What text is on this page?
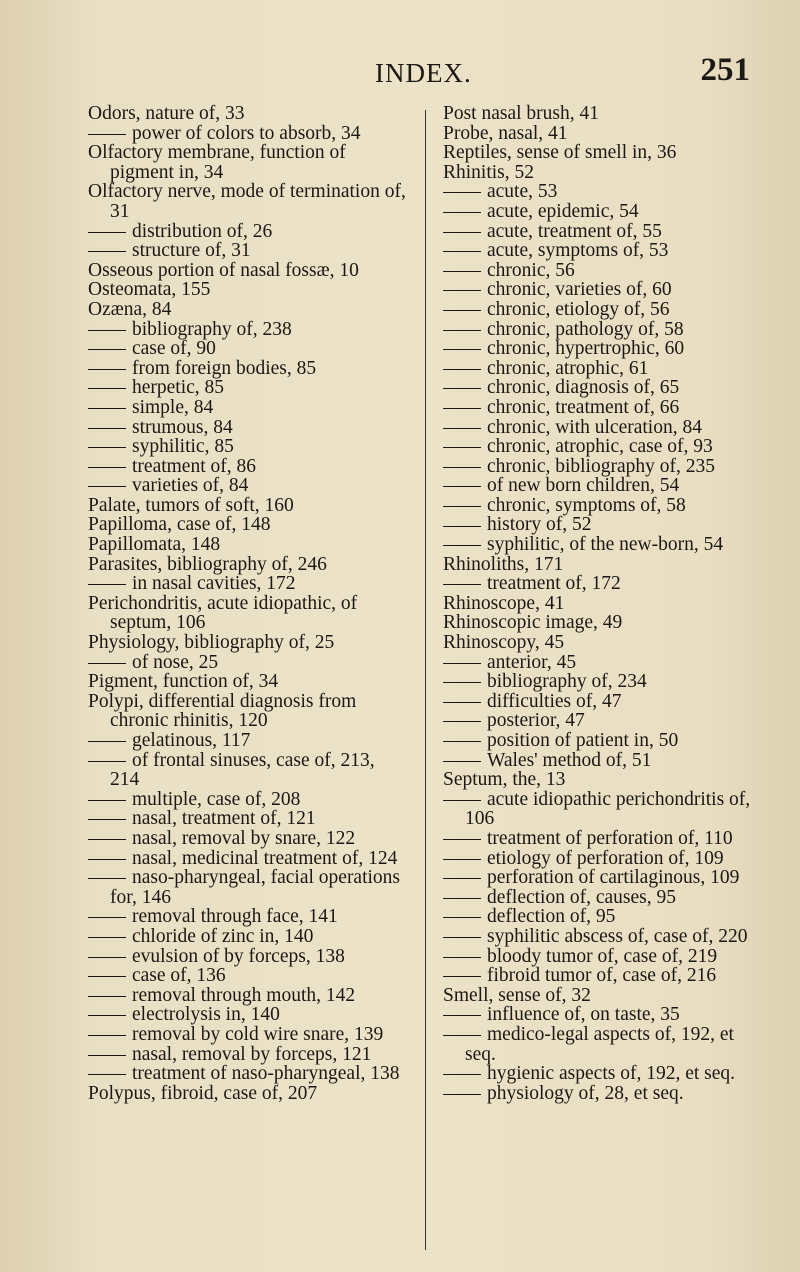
INDEX.	251

Odors, nature of, 33

power of colors to absorb, 34

Olfactory membrane, function of pigment in, 34

Olfactory nerve, mode of termination of, 31

distribution of, 26

structure of, 31

Osseous portion of nasal fossæ, 10

Osteomata, 155

Ozæna, 84

bibliography of, 238

case of, 90

from foreign bodies, 85

herpetic, 85

simple, 84

strumous, 84

syphilitic, 85

treatment of, 86

varieties of, 84

Palate, tumors of soft, 160

Papilloma, case of, 148

Papillomata, 148

Parasites, bibliography of, 246

in nasal cavities, 172

Perichondritis, acute idiopathic, of septum, 106

Physiology, bibliography of, 25

of nose, 25

Pigment, function of, 34

Polypi, differential diagnosis from chronic rhinitis, 120

gelatinous, 117

of frontal sinuses, case of, 213, 214

multiple, case of, 208

nasal, treatment of, 121

nasal, removal by snare, 122

nasal, medicinal treatment of, 124

naso-pharyngeal, facial operations for, 146

removal through face, 141

chloride of zinc in, 140

evulsion of by forceps, 138

case of, 136

removal through mouth, 142

electrolysis in, 140

removal by cold wire snare, 139

nasal, removal by forceps, 121

treatment of naso-pharyngeal, 138

Polypus, fibroid, case of, 207

Post nasal brush, 41

Probe, nasal, 41

Reptiles, sense of smell in, 36

Rhinitis, 52

acute, 53

acute, epidemic, 54

acute, treatment of, 55

acute, symptoms of, 53

chronic, 56

chronic, varieties of, 60

chronic, etiology of, 56

chronic, pathology of, 58

chronic, hypertrophic, 60

chronic, atrophic, 61

chronic, diagnosis of, 65

chronic, treatment of, 66

chronic, with ulceration, 84

chronic, atrophic, case of, 93

chronic, bibliography of, 235

of new born children, 54

chronic, symptoms of, 58

history of, 52

syphilitic, of the new-born, 54

Rhinoliths, 171

treatment of, 172

Rhinoscope, 41

Rhinoscopic image, 49

Rhinoscopy, 45

anterior, 45

bibliography of, 234

difficulties of, 47

posterior, 47

position of patient in, 50

Wales' method of, 51

Septum, the, 13

acute idiopathic perichondritis of, 106

treatment of perforation of, 110

etiology of perforation of, 109

perforation of cartilaginous, 109

deflection of, causes, 95

deflection of, 95

syphilitic abscess of, case of, 220

bloody tumor of, case of, 219

fibroid tumor of, case of, 216

Smell, sense of, 32

influence of, on taste, 35

medico-legal aspects of, 192, et seq.

hygienic aspects of, 192, et seq.

physiology of, 28, et seq.
